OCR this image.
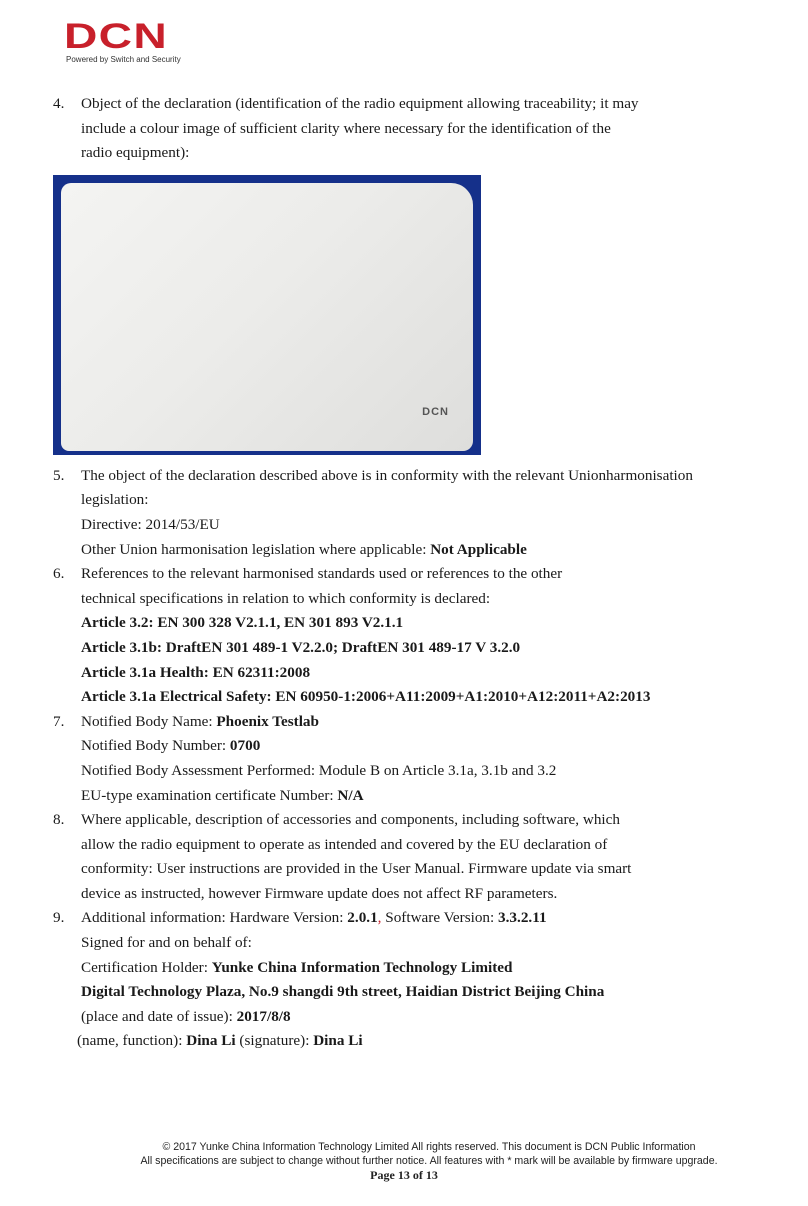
DCN
Powered by Switch and Security
4. Object of the declaration (identification of the radio equipment allowing traceability; it may
include a colour image of sufficient clarity where necessary for the identification of the
radio equipment):
DCN
5. The object of the declaration described above is in conformity with the relevant Unionharmonisation
legislation:
Directive: 2014/53/EU
Other Union harmonisation legislation where applicable: Not Applicable
6. References to the relevant harmonised standards used or references to the other
technical specifications in relation to which conformity is declared:
Article 3.2: EN 300 328 V2.1.1, EN 301 893 V2.1.1
Article 3.1b: DraftEN 301 489-1 V2.2.0; DraftEN 301 489-17 V 3.2.0
Article 3.1a Health: EN 62311:2008
Article 3.1a Electrical Safety: EN 60950-1:2006+A11:2009+A1:2010+A12:2011+A2:2013
7. Notified Body Name: Phoenix Testlab
Notified Body Number: 0700
Notified Body Assessment Performed: Module B on Article 3.1a, 3.1b and 3.2
EU-type examination certificate Number: N/A
8. Where applicable, description of accessories and components, including software, which
allow the radio equipment to operate as intended and covered by the EU declaration of
conformity: User instructions are provided in the User Manual. Firmware update via smart
device as instructed, however Firmware update does not affect RF parameters.
9. Additional information: Hardware Version: 2.0.1, Software Version: 3.3.2.11
Signed for and on behalf of:
Certification Holder: Yunke China Information Technology Limited
Digital Technology Plaza, No.9 shangdi 9th street, Haidian District Beijing China
(place and date of issue): 2017/8/8
(name, function): Dina Li (signature): Dina Li
© 2017 Yunke China Information Technology Limited All rights reserved. This document is DCN Public Information
All specifications are subject to change without further notice. All features with * mark will be available by firmware upgrade.
Page 13 of 13
